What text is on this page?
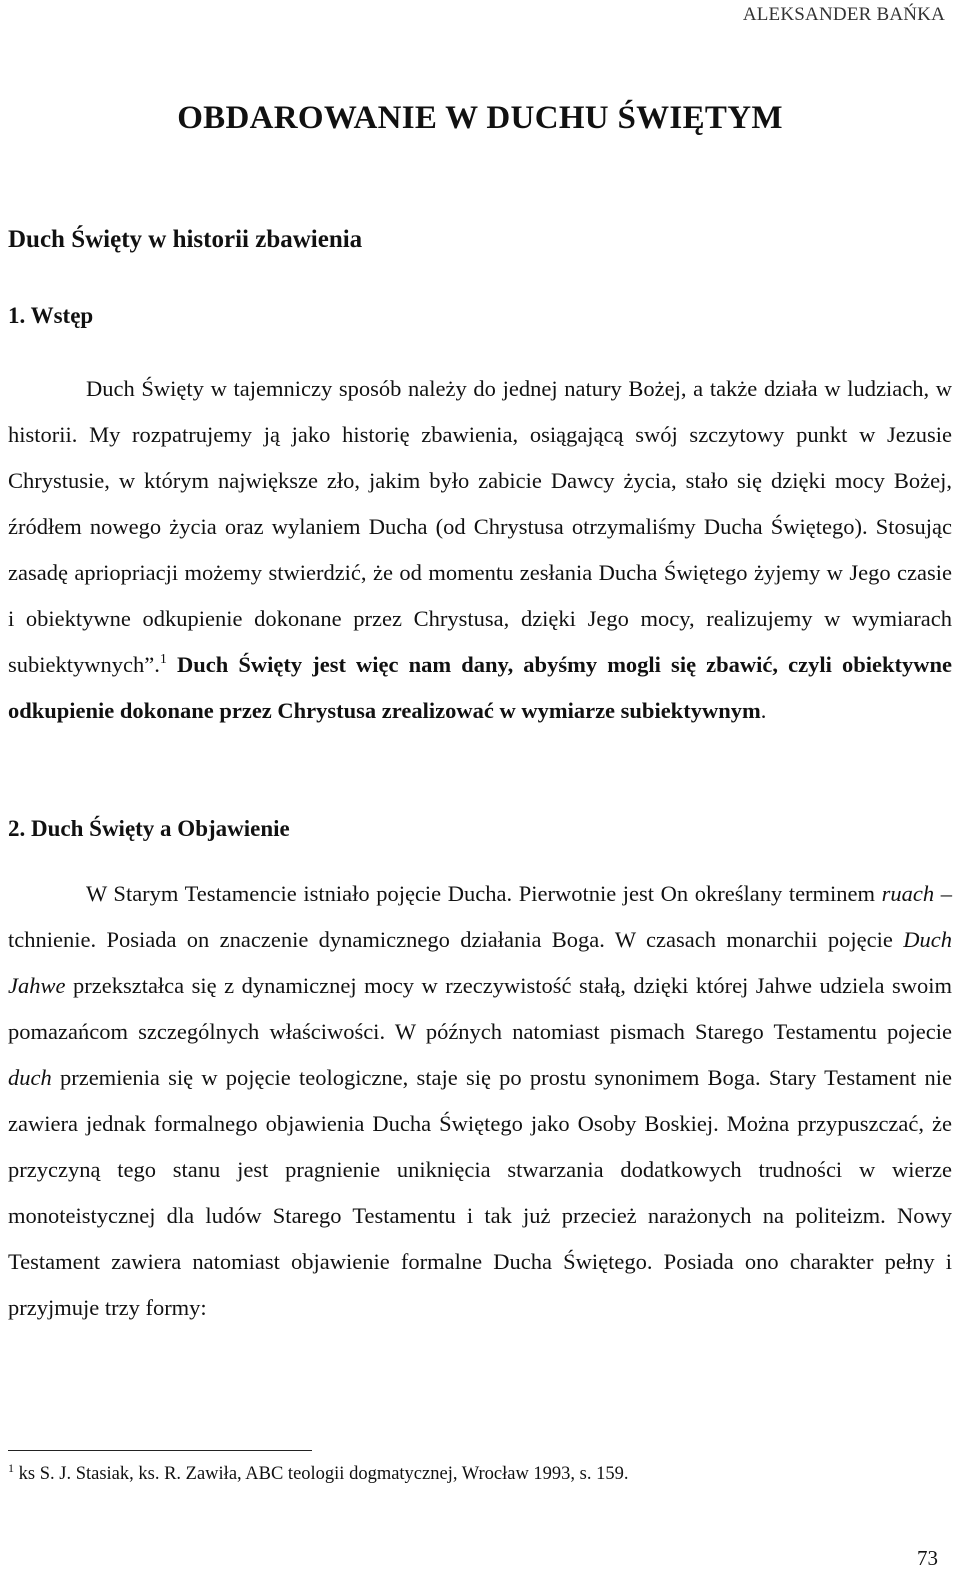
ALEKSANDER BAŃKA
OBDAROWANIE W DUCHU ŚWIĘTYM
Duch Święty w historii zbawienia
1. Wstęp

Duch Święty w tajemniczy sposób należy do jednej natury Bożej, a także działa w ludziach, w historii. My rozpatrujemy ją jako historię zbawienia, osiągającą swój szczytowy punkt w Jezusie Chrystusie, w którym największe zło, jakim było zabicie Dawcy życia, stało się dzięki mocy Bożej, źródłem nowego życia oraz wylaniem Ducha (od Chrystusa otrzymaliśmy Ducha Świętego). Stosując zasadę apriopriacji możemy stwierdzić, że od momentu zesłania Ducha Świętego żyjemy w Jego czasie i obiektywne odkupienie dokonane przez Chrystusa, dzięki Jego mocy, realizujemy w wymiarach subiektywnych”.$^1$ Duch Święty jest więc nam dany, abyśmy mogli się zbawić, czyli obiektywne odkupienie dokonane przez Chrystusa zrealizować w wymiarze subiektywnym.

2. Duch Święty a Objawienie

W Starym Testamencie istniało pojęcie Ducha. Pierwotnie jest On określany terminem ruach – tchnienie. Posiada on znaczenie dynamicznego działania Boga. W czasach monarchii pojęcie Duch Jahwe przekształca się z dynamicznej mocy w rzeczywistość stałą, dzięki której Jahwe udziela swoim pomazańcom szczególnych właściwości. W późnych natomiast pismach Starego Testamentu pojecie duch przemienia się w pojęcie teologiczne, staje się po prostu synonimem Boga. Stary Testament nie zawiera jednak formalnego objawienia Ducha Świętego jako Osoby Boskiej. Można przypuszczać, że przyczyną tego stanu jest pragnienie uniknięcia stwarzania dodatkowych trudności w wierze monoteistycznej dla ludów Starego Testamentu i tak już przecież narażonych na politeizm. Nowy Testament zawiera natomiast objawienie formalne Ducha Świętego. Posiada ono charakter pełny i przyjmuje trzy formy:

$^1$ ks S. J. Stasiak, ks. R. Zawiła, ABC teologii dogmatycznej, Wrocław 1993, s. 159.
73
